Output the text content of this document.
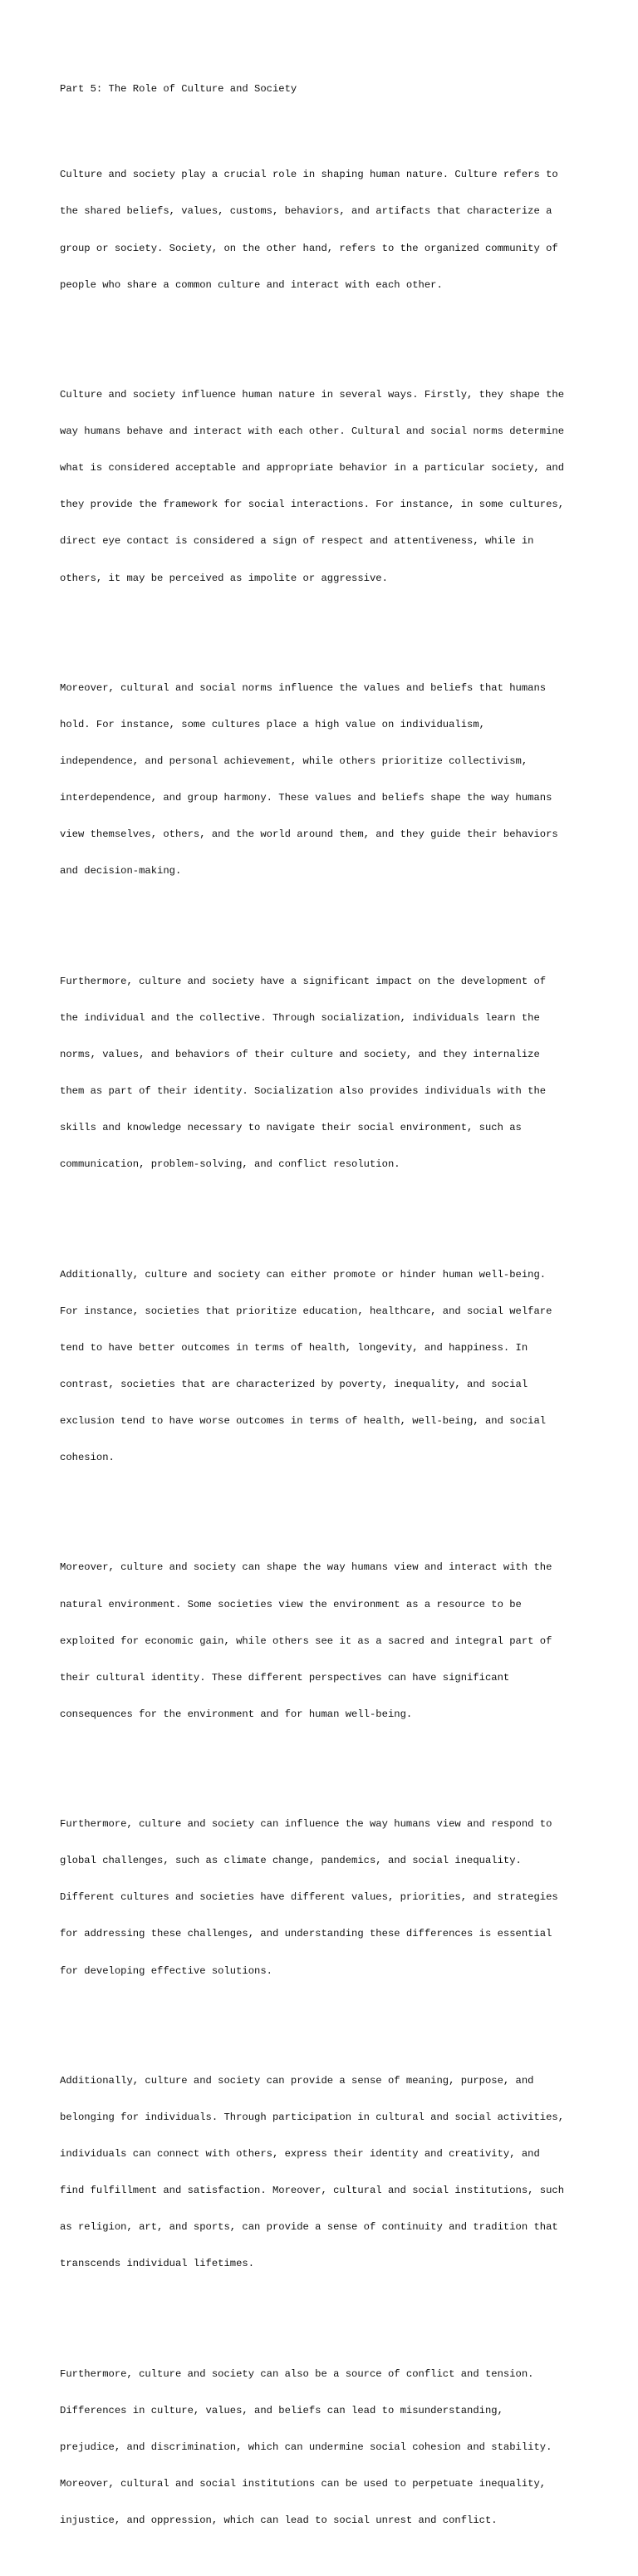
Part 5: The Role of Culture and Society

Culture and society play a crucial role in shaping human nature. Culture refers to

the shared beliefs, values, customs, behaviors, and artifacts that characterize a

group or society. Society, on the other hand, refers to the organized community of

people who share a common culture and interact with each other.

Culture and society influence human nature in several ways. Firstly, they shape the

way humans behave and interact with each other. Cultural and social norms determine

what is considered acceptable and appropriate behavior in a particular society, and

they provide the framework for social interactions. For instance, in some cultures,

direct eye contact is considered a sign of respect and attentiveness, while in

others, it may be perceived as impolite or aggressive.

Moreover, cultural and social norms influence the values and beliefs that humans

hold. For instance, some cultures place a high value on individualism,

independence, and personal achievement, while others prioritize collectivism,

interdependence, and group harmony. These values and beliefs shape the way humans

view themselves, others, and the world around them, and they guide their behaviors

and decision-making.

Furthermore, culture and society have a significant impact on the development of

the individual and the collective. Through socialization, individuals learn the

norms, values, and behaviors of their culture and society, and they internalize

them as part of their identity. Socialization also provides individuals with the

skills and knowledge necessary to navigate their social environment, such as

communication, problem-solving, and conflict resolution.

Additionally, culture and society can either promote or hinder human well-being.

For instance, societies that prioritize education, healthcare, and social welfare

tend to have better outcomes in terms of health, longevity, and happiness. In

contrast, societies that are characterized by poverty, inequality, and social

exclusion tend to have worse outcomes in terms of health, well-being, and social

cohesion.

Moreover, culture and society can shape the way humans view and interact with the

natural environment. Some societies view the environment as a resource to be

exploited for economic gain, while others see it as a sacred and integral part of

their cultural identity. These different perspectives can have significant

consequences for the environment and for human well-being.

Furthermore, culture and society can influence the way humans view and respond to

global challenges, such as climate change, pandemics, and social inequality.

Different cultures and societies have different values, priorities, and strategies

for addressing these challenges, and understanding these differences is essential

for developing effective solutions.

Additionally, culture and society can provide a sense of meaning, purpose, and

belonging for individuals. Through participation in cultural and social activities,

individuals can connect with others, express their identity and creativity, and

find fulfillment and satisfaction. Moreover, cultural and social institutions, such

as religion, art, and sports, can provide a sense of continuity and tradition that

transcends individual lifetimes.

Furthermore, culture and society can also be a source of conflict and tension.

Differences in culture, values, and beliefs can lead to misunderstanding,

prejudice, and discrimination, which can undermine social cohesion and stability.

Moreover, cultural and social institutions can be used to perpetuate inequality,

injustice, and oppression, which can lead to social unrest and conflict.
